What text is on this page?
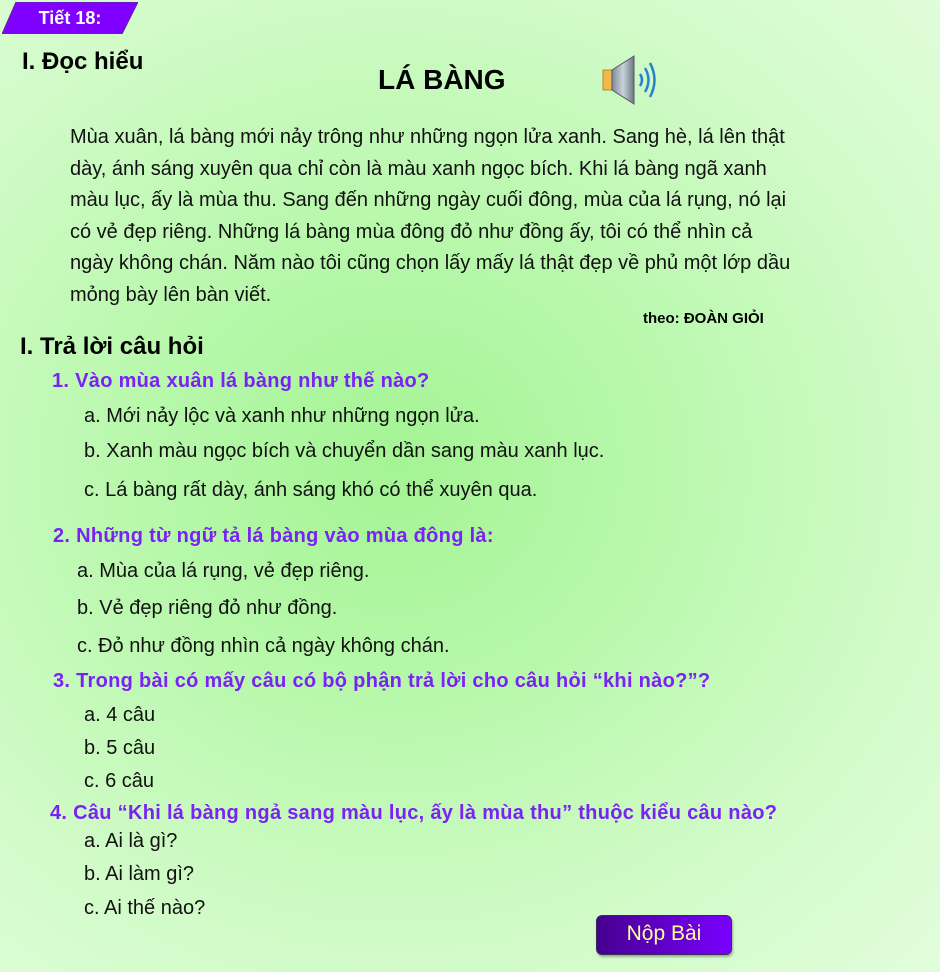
Tiết 18:
I. Đọc hiểu
LÁ BÀNG
Mùa xuân, lá bàng mới nảy trông như những ngọn lửa xanh. Sang hè, lá lên thật
dày, ánh sáng xuyên qua chỉ còn là màu xanh ngọc bích. Khi lá bàng ngã xanh
màu lục, ấy là mùa thu. Sang đến những ngày cuối đông, mùa của lá rụng, nó lại
có vẻ đẹp riêng. Những lá bàng mùa đông đỏ như đồng ấy, tôi có thể nhìn cả
ngày không chán. Năm nào tôi cũng chọn lấy mấy lá thật đẹp về phủ một lớp dầu
mỏng bày lên bàn viết.
theo: ĐOÀN GIỎI
I. Trả lời câu hỏi
1. Vào mùa xuân lá bàng như thế nào?
a. Mới nảy lộc và xanh như những ngọn lửa.
b. Xanh màu ngọc bích và chuyển dần sang màu xanh lục.
c. Lá bàng rất dày, ánh sáng khó có thể xuyên qua.
2. Những từ ngữ tả lá bàng vào mùa đông là:
a. Mùa của lá rụng, vẻ đẹp riêng.
b. Vẻ đẹp riêng đỏ như đồng.
c. Đỏ như đồng nhìn cả ngày không chán.
3. Trong bài có mấy câu có bộ phận trả lời cho câu hỏi “khi nào?”?
a. 4 câu
b. 5 câu
c. 6 câu
4. Câu “Khi lá bàng ngả sang màu lục, ấy là mùa thu” thuộc kiểu câu nào?
a. Ai là gì?
b. Ai làm gì?
c. Ai thế nào?
Nộp Bài
